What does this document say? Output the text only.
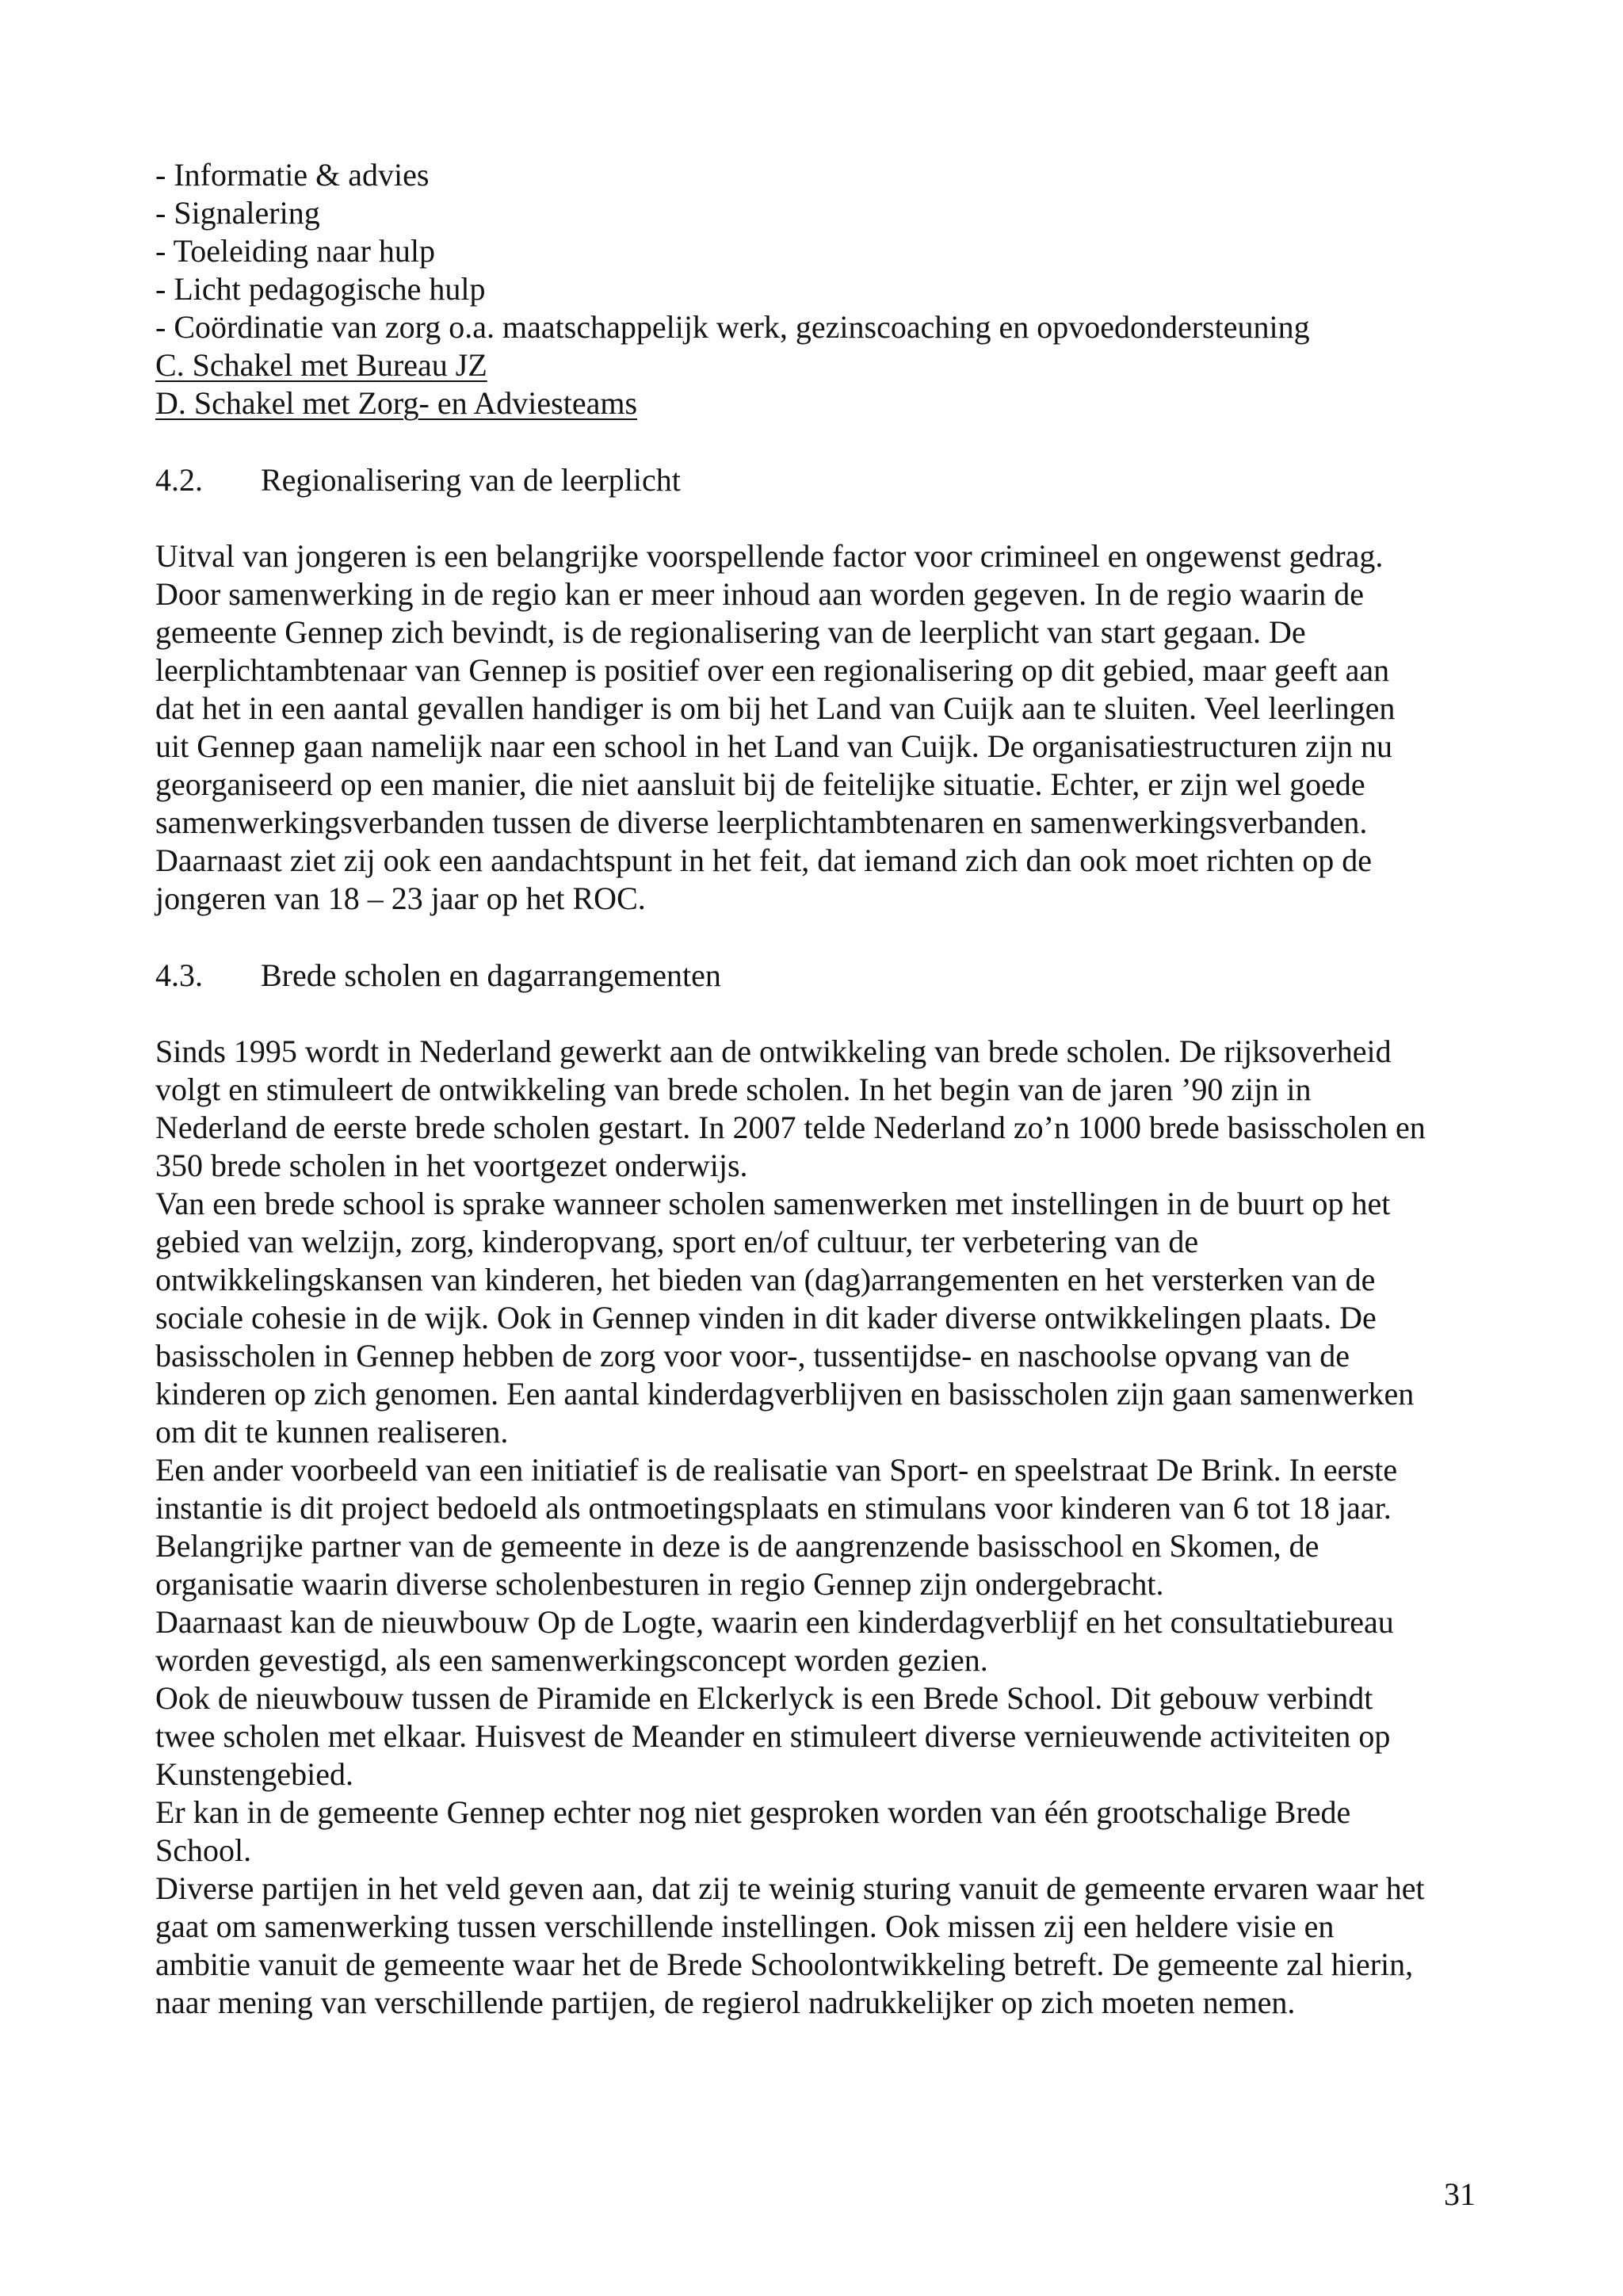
- Informatie & advies
- Signalering
- Toeleiding naar hulp
- Licht pedagogische hulp
- Coördinatie van zorg o.a. maatschappelijk werk, gezinscoaching en opvoedondersteuning
C. Schakel met Bureau JZ
D. Schakel met Zorg- en Adviesteams
4.2. Regionalisering van de leerplicht
Uitval van jongeren is een belangrijke voorspellende factor voor crimineel en ongewenst gedrag.
Door samenwerking in de regio kan er meer inhoud aan worden gegeven. In de regio waarin de
gemeente Gennep zich bevindt, is de regionalisering van de leerplicht van start gegaan. De
leerplichtambtenaar van Gennep is positief over een regionalisering op dit gebied, maar geeft aan
dat het in een aantal gevallen handiger is om bij het Land van Cuijk aan te sluiten. Veel leerlingen
uit Gennep gaan namelijk naar een school in het Land van Cuijk. De organisatiestructuren zijn nu
georganiseerd op een manier, die niet aansluit bij de feitelijke situatie. Echter, er zijn wel goede
samenwerkingsverbanden tussen de diverse leerplichtambtenaren en samenwerkingsverbanden.
Daarnaast ziet zij ook een aandachtspunt in het feit, dat iemand zich dan ook moet richten op de
jongeren van 18 – 23 jaar op het ROC.
4.3. Brede scholen en dagarrangementen
Sinds 1995 wordt in Nederland gewerkt aan de ontwikkeling van brede scholen. De rijksoverheid
volgt en stimuleert de ontwikkeling van brede scholen. In het begin van de jaren ’90 zijn in
Nederland de eerste brede scholen gestart. In 2007 telde Nederland zo’n 1000 brede basisscholen en
350 brede scholen in het voortgezet onderwijs.
Van een brede school is sprake wanneer scholen samenwerken met instellingen in de buurt op het
gebied van welzijn, zorg, kinderopvang, sport en/of cultuur, ter verbetering van de
ontwikkelingskansen van kinderen, het bieden van (dag)arrangementen en het versterken van de
sociale cohesie in de wijk. Ook in Gennep vinden in dit kader diverse ontwikkelingen plaats. De
basisscholen in Gennep hebben de zorg voor voor-, tussentijdse- en naschoolse opvang van de
kinderen op zich genomen. Een aantal kinderdagverblijven en basisscholen zijn gaan samenwerken
om dit te kunnen realiseren.
Een ander voorbeeld van een initiatief is de realisatie van Sport- en speelstraat De Brink. In eerste
instantie is dit project bedoeld als ontmoetingsplaats en stimulans voor kinderen van 6 tot 18 jaar.
Belangrijke partner van de gemeente in deze is de aangrenzende basisschool en Skomen, de
organisatie waarin diverse scholenbesturen in regio Gennep zijn ondergebracht.
Daarnaast kan de nieuwbouw Op de Logte, waarin een kinderdagverblijf en het consultatiebureau
worden gevestigd, als een samenwerkingsconcept worden gezien.
Ook de nieuwbouw tussen de Piramide en Elckerlyck is een Brede School. Dit gebouw verbindt
twee scholen met elkaar. Huisvest de Meander en stimuleert diverse vernieuwende activiteiten op
Kunstengebied.
Er kan in de gemeente Gennep echter nog niet gesproken worden van één grootschalige Brede
School.
Diverse partijen in het veld geven aan, dat zij te weinig sturing vanuit de gemeente ervaren waar het
gaat om samenwerking tussen verschillende instellingen. Ook missen zij een heldere visie en
ambitie vanuit de gemeente waar het de Brede Schoolontwikkeling betreft. De gemeente zal hierin,
naar mening van verschillende partijen, de regierol nadrukkelijker op zich moeten nemen.
31
